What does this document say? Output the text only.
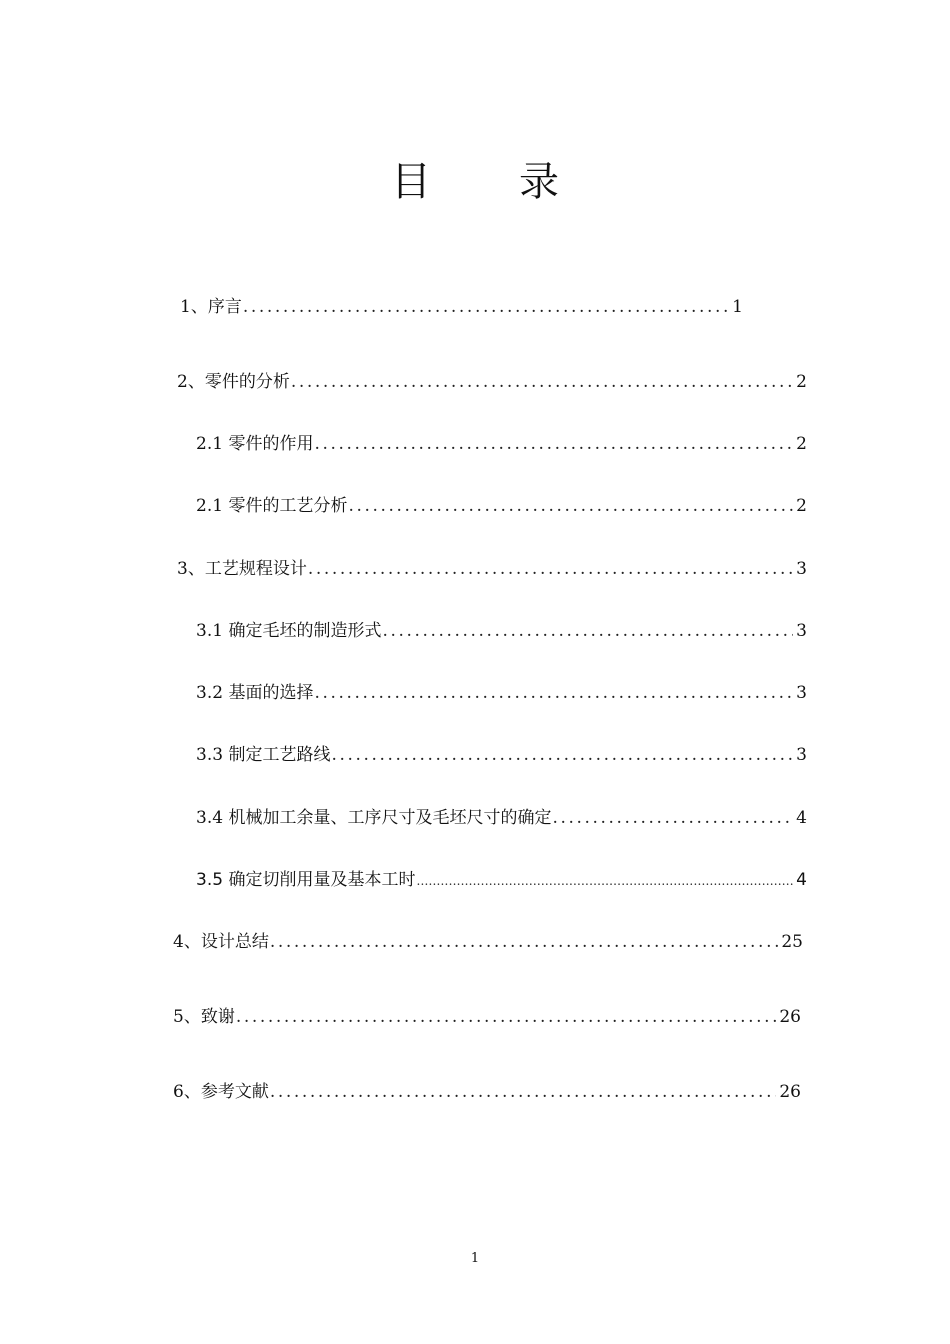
目 录
1、序言 .....	1
2、零件的分析 .....	2
2.1 零件的作用 .....	2
2.1 零件的工艺分析 .....	2
3、工艺规程设计 .....	3
3.1 确定毛坯的制造形式 .....	3
3.2 基面的选择 .....	3
3.3 制定工艺路线 .....	3
3.4 机械加工余量、工序尺寸及毛坯尺寸的确定 .....	4
3.5 确定切削用量及基本工时 .....	4
4、设计总结 .....	25
5、致谢 .....	26
6、参考文献 .....	26
1
